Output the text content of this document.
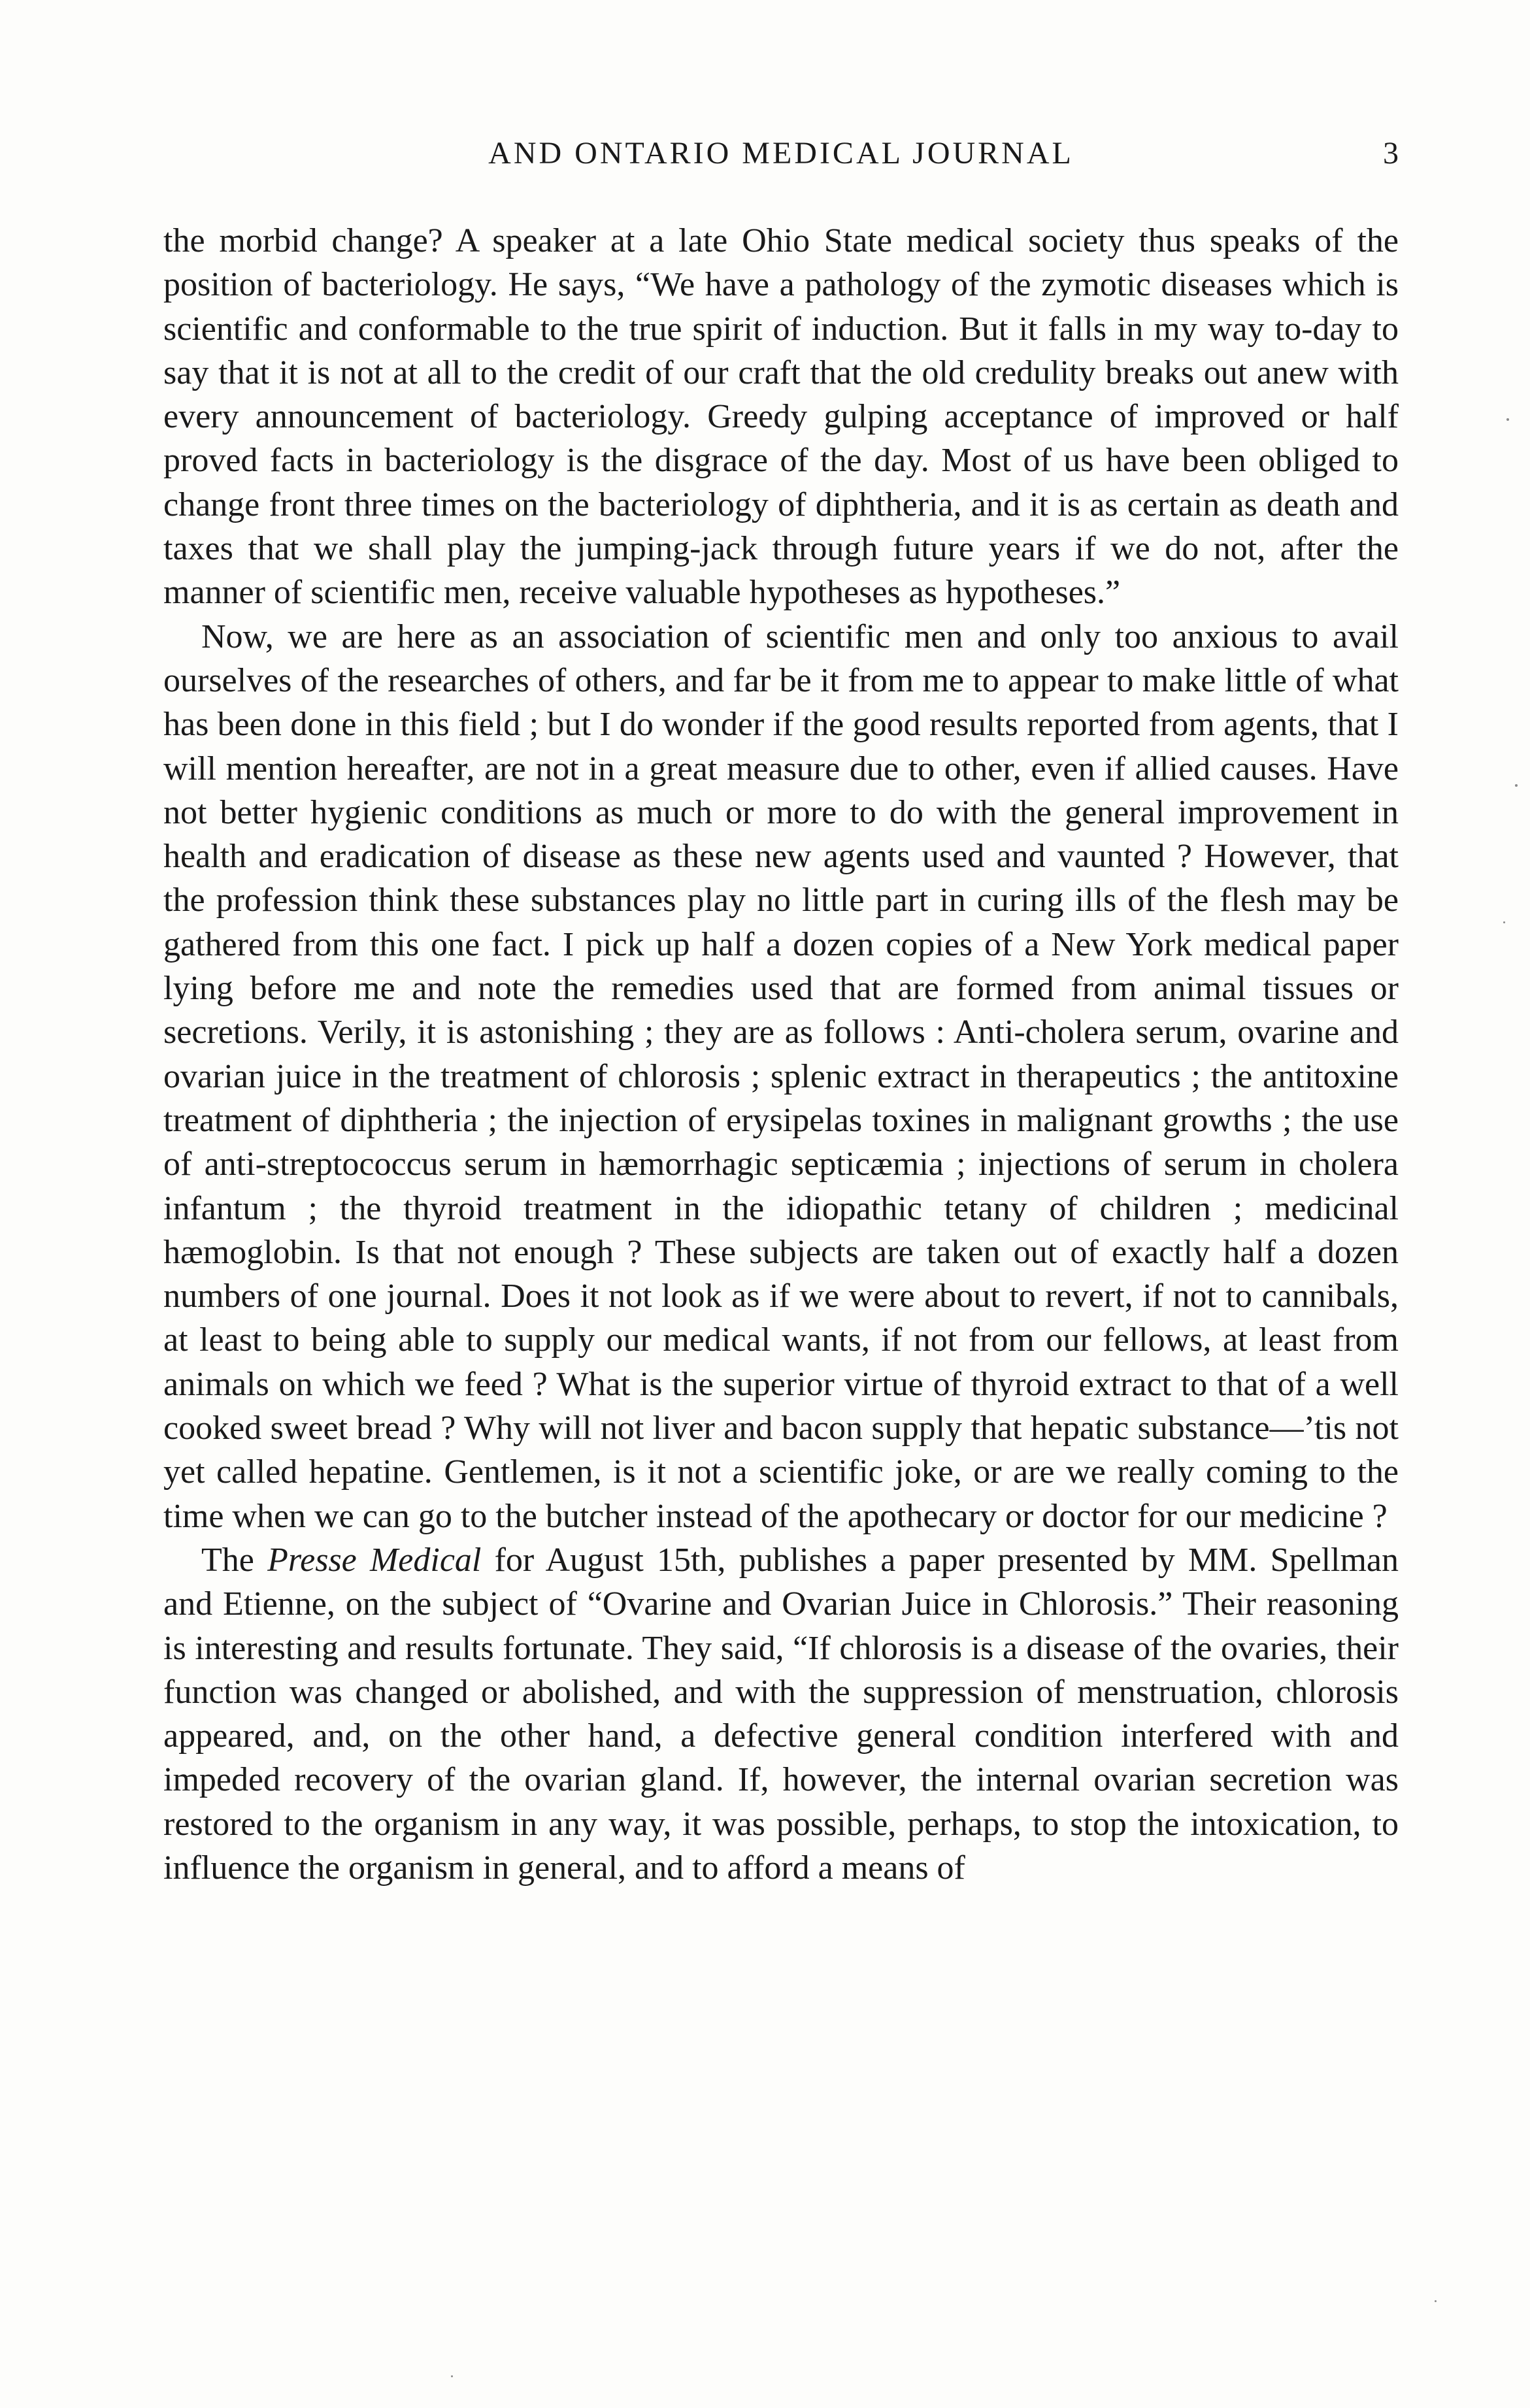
AND ONTARIO MEDICAL JOURNAL	3

the morbid change? A speaker at a late Ohio State medical society thus speaks of the position of bacteriology. He says, “We have a pathology of the zymotic diseases which is scientific and conformable to the true spirit of induction. But it falls in my way to-day to say that it is not at all to the credit of our craft that the old credulity breaks out anew with every announcement of bacteriology. Greedy gulping acceptance of improved or half proved facts in bacteriology is the disgrace of the day. Most of us have been obliged to change front three times on the bacteriology of diphtheria, and it is as certain as death and taxes that we shall play the jumping-jack through future years if we do not, after the manner of scientific men, receive valuable hypotheses as hypotheses.”

Now, we are here as an association of scientific men and only too anxious to avail ourselves of the researches of others, and far be it from me to appear to make little of what has been done in this field ; but I do wonder if the good results reported from agents, that I will mention hereafter, are not in a great measure due to other, even if allied causes. Have not better hygienic conditions as much or more to do with the general improvement in health and eradication of disease as these new agents used and vaunted ? However, that the profession think these substances play no little part in curing ills of the flesh may be gathered from this one fact. I pick up half a dozen copies of a New York medical paper lying before me and note the remedies used that are formed from animal tissues or secretions. Verily, it is astonishing ; they are as follows : Anti-cholera serum, ovarine and ovarian juice in the treatment of chlorosis ; splenic extract in therapeutics ; the antitoxine treatment of diphtheria ; the injection of erysipelas toxines in malignant growths ; the use of anti-streptococcus serum in hæmorrhagic septicæmia ; injections of serum in cholera infantum ; the thyroid treatment in the idiopathic tetany of children ; medicinal hæmoglobin. Is that not enough ? These subjects are taken out of exactly half a dozen numbers of one journal. Does it not look as if we were about to revert, if not to cannibals, at least to being able to supply our medical wants, if not from our fellows, at least from animals on which we feed ? What is the superior virtue of thyroid extract to that of a well cooked sweet bread ? Why will not liver and bacon supply that hepatic substance—’tis not yet called hepatine. Gentlemen, is it not a scientific joke, or are we really coming to the time when we can go to the butcher instead of the apothecary or doctor for our medicine ?

The Presse Medical for August 15th, publishes a paper presented by MM. Spellman and Etienne, on the subject of “Ovarine and Ovarian Juice in Chlorosis.” Their reasoning is interesting and results fortunate. They said, “If chlorosis is a disease of the ovaries, their function was changed or abolished, and with the suppression of menstruation, chlorosis appeared, and, on the other hand, a defective general condition interfered with and impeded recovery of the ovarian gland. If, however, the internal ovarian secretion was restored to the organism in any way, it was possible, perhaps, to stop the intoxication, to influence the organism in general, and to afford a means of
